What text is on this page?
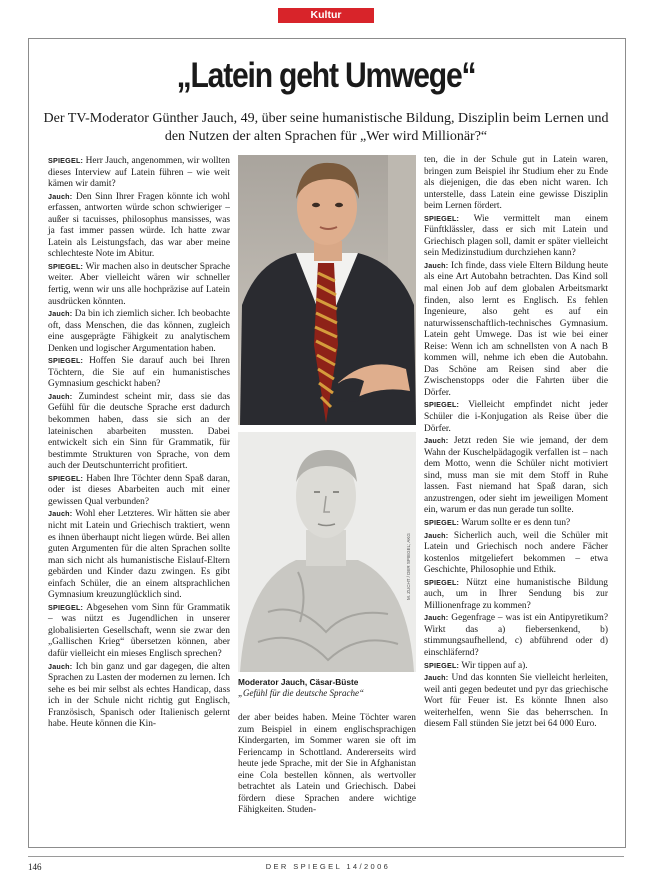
Kultur
„Latein geht Umwege“
Der TV-Moderator Günther Jauch, 49, über seine humanistische Bildung, Disziplin beim Lernen und den Nutzen der alten Sprachen für „Wer wird Millionär?“

SPIEGEL: Herr Jauch, angenommen, wir wollten dieses Interview auf Latein führen – wie weit kämen wir damit?

Jauch: Den Sinn Ihrer Fragen könnte ich wohl erfassen, antworten würde schon schwieriger – außer si tacuisses, philosophus mansisses, was ja fast immer passen würde. Ich hatte zwar Latein als Leistungsfach, das war aber meine schlechteste Note im Abitur.

SPIEGEL: Wir machen also in deutscher Sprache weiter. Aber vielleicht wären wir schneller fertig, wenn wir uns alle hochpräzise auf Latein ausdrücken könnten.

Jauch: Da bin ich ziemlich sicher. Ich beobachte oft, dass Menschen, die das können, zugleich eine ausgeprägte Fähigkeit zu analytischem Denken und logischer Argumentation haben.

SPIEGEL: Hoffen Sie darauf auch bei Ihren Töchtern, die Sie auf ein humanistisches Gymnasium geschickt haben?

Jauch: Zumindest scheint mir, dass sie das Gefühl für die deutsche Sprache erst dadurch bekommen haben, dass sie sich an der lateinischen abarbeiten mussten. Dabei entwickelt sich ein Sinn für Grammatik, für bestimmte Strukturen von Sprache, von dem auch der Deutschunterricht profitiert.

SPIEGEL: Haben Ihre Töchter denn Spaß daran, oder ist dieses Abarbeiten auch mit einer gewissen Qual verbunden?

Jauch: Wohl eher Letzteres. Wir hätten sie aber nicht mit Latein und Griechisch traktiert, wenn es ihnen überhaupt nicht liegen würde. Bei allen guten Argumenten für die alten Sprachen sollte man sich nicht als humanistische Eislauf-Eltern gebärden und Kinder dazu zwingen. Es gibt einfach Schüler, die an einem altsprachlichen Gymnasium kreuzunglücklich sind.

SPIEGEL: Abgesehen vom Sinn für Grammatik – was nützt es Jugendlichen in unserer globalisierten Gesellschaft, wenn sie zwar den „Gallischen Krieg“ übersetzen können, aber dafür vielleicht ein mieses Englisch sprechen?

Jauch: Ich bin ganz und gar dagegen, die alten Sprachen zu Lasten der modernen zu lernen. Ich sehe es bei mir selbst als echtes Handicap, dass ich in der Schule nicht richtig gut Englisch, Französisch, Spanisch oder Italienisch gelernt habe. Heute können die Kin-

M. ZUCHT / DER SPIEGEL; AKG
Moderator Jauch, Cäsar-Büste
„Gefühl für die deutsche Sprache“

der aber beides haben. Meine Töchter waren zum Beispiel in einem englischsprachigen Kindergarten, im Sommer waren sie oft im Feriencamp in Schottland. Andererseits wird heute jede Sprache, mit der Sie in Afghanistan eine Cola bestellen können, als wertvoller betrachtet als Latein und Griechisch. Dabei fördern diese Sprachen andere wichtige Fähigkeiten. Studen-

ten, die in der Schule gut in Latein waren, bringen zum Beispiel ihr Studium eher zu Ende als diejenigen, die das eben nicht waren. Ich unterstelle, dass Latein eine gewisse Disziplin beim Lernen fördert.

SPIEGEL: Wie vermittelt man einem Fünftklässler, dass er sich mit Latein und Griechisch plagen soll, damit er später vielleicht sein Medizinstudium durchziehen kann?

Jauch: Ich finde, dass viele Eltern Bildung heute als eine Art Autobahn betrachten. Das Kind soll mal einen Job auf dem globalen Arbeitsmarkt finden, also lernt es Englisch. Es fehlen Ingenieure, also geht es auf ein naturwissenschaftlich-technisches Gymnasium. Latein geht Umwege. Das ist wie bei einer Reise: Wenn ich am schnellsten von A nach B kommen will, nehme ich eben die Autobahn. Das Schöne am Reisen sind aber die Zwischenstopps oder die Fahrten über die Dörfer.

SPIEGEL: Vielleicht empfindet nicht jeder Schüler die i-Konjugation als Reise über die Dörfer.

Jauch: Jetzt reden Sie wie jemand, der dem Wahn der Kuschelpädagogik verfallen ist – nach dem Motto, wenn die Schüler nicht motiviert sind, muss man sie mit dem Stoff in Ruhe lassen. Fast niemand hat Spaß daran, sich anzustrengen, oder sieht im jeweiligen Moment ein, warum er das nun gerade tun sollte.

SPIEGEL: Warum sollte er es denn tun?

Jauch: Sicherlich auch, weil die Schüler mit Latein und Griechisch noch andere Fächer kostenlos mitgeliefert bekommen – etwa Geschichte, Philosophie und Ethik.

SPIEGEL: Nützt eine humanistische Bildung auch, um in Ihrer Sendung bis zur Millionenfrage zu kommen?

Jauch: Gegenfrage – was ist ein Antipyretikum? Wirkt das a) fiebersenkend, b) stimmungsaufhellend, c) abführend oder d) einschläfernd?

SPIEGEL: Wir tippen auf a).

Jauch: Und das konnten Sie vielleicht herleiten, weil anti gegen bedeutet und pyr das griechische Wort für Feuer ist. Es könnte Ihnen also weiterhelfen, wenn Sie das beherrschen. In diesem Fall stünden Sie jetzt bei 64 000 Euro.

146	DER SPIEGEL 14/2006
